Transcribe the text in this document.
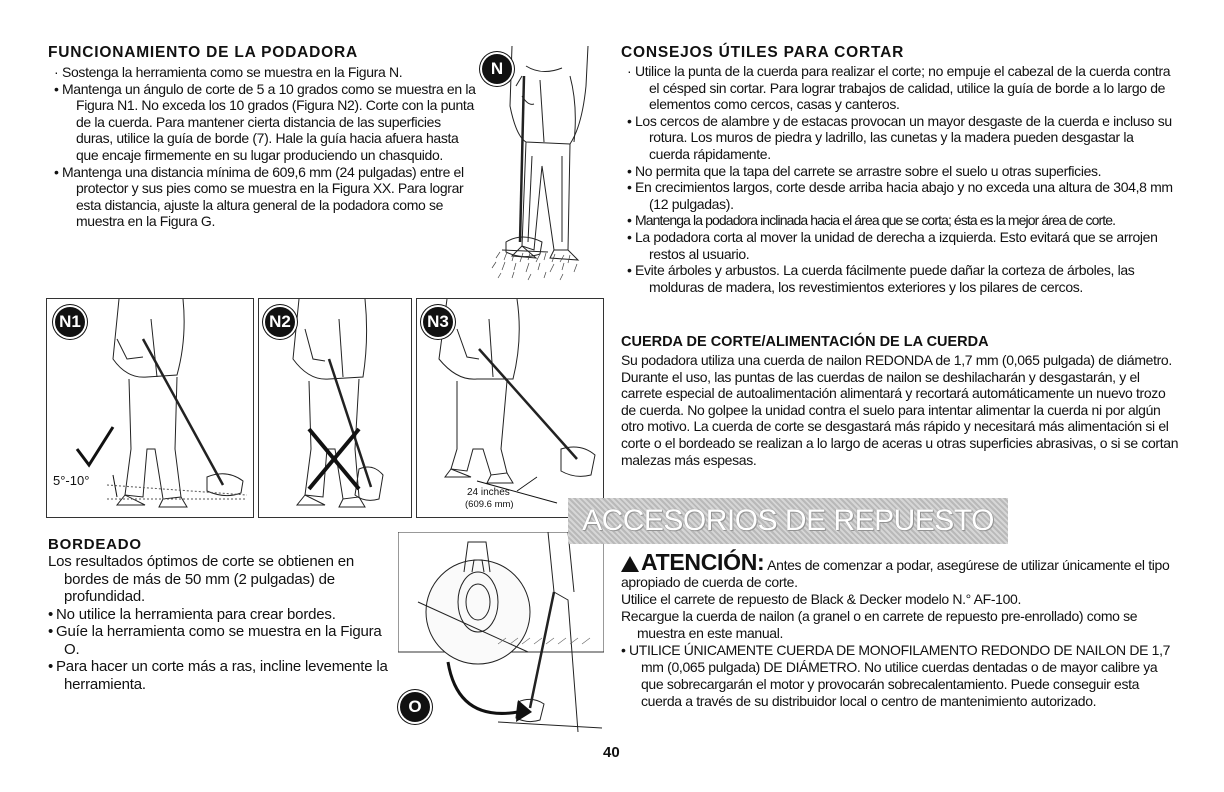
FUNCIONAMIENTO DE LA PODADORA
· Sostenga la herramienta como se muestra en la Figura N.
• Mantenga un ángulo de corte de 5 a 10 grados como se muestra en la Figura N1. No exceda los 10 grados (Figura N2). Corte con la punta de la cuerda. Para mantener cierta distancia de las superficies duras, utilice la guía de borde (7). Hale la guía hacia afuera hasta que encaje firmemente en su lugar produciendo un chasquido.
• Mantenga una distancia mínima de 609,6 mm (24 pulgadas) entre el protector y sus pies como se muestra en la Figura XX. Para lograr esta distancia, ajuste la altura general de la podadora como se muestra en la Figura G.
N
5°-10°
N1	N2
24 inches
(609.6 mm)
N3
BORDEADO

Los resultados óptimos de corte se obtienen en bordes de más de 50 mm (2 pulgadas) de profundidad.

• No utilice la herramienta para crear bordes.
• Guíe la herramienta como se muestra en la Figura O.
• Para hacer un corte más a ras, incline levemente la herramienta.
O
CONSEJOS ÚTILES PARA CORTAR
· Utilice la punta de la cuerda para realizar el corte; no empuje el cabezal de la cuerda contra el césped sin cortar. Para lograr trabajos de calidad, utilice la guía de borde a lo largo de elementos como cercos, casas y canteros.
• Los cercos de alambre y de estacas provocan un mayor desgaste de la cuerda e incluso su rotura. Los muros de piedra y ladrillo, las cunetas y la madera pueden desgastar la cuerda rápidamente.
• No permita que la tapa del carrete se arrastre sobre el suelo u otras superficies.
• En crecimientos largos, corte desde arriba hacia abajo y no exceda una altura de 304,8 mm (12 pulgadas).
• Mantenga la podadora inclinada hacia el área que se corta; ésta es la mejor área de corte.
• La podadora corta al mover la unidad de derecha a izquierda. Esto evitará que se arrojen restos al usuario.
• Evite árboles y arbustos. La cuerda fácilmente puede dañar la corteza de árboles, las molduras de madera, los revestimientos exteriores y los pilares de cercos.
CUERDA DE CORTE/ALIMENTACIÓN DE LA CUERDA

Su podadora utiliza una cuerda de nailon REDONDA de 1,7 mm (0,065 pulgada) de diámetro. Durante el uso, las puntas de las cuerdas de nailon se deshilacharán y desgastarán, y el carrete especial de autoalimentación alimentará y recortará automáticamente un nuevo trozo de cuerda. No golpee la unidad contra el suelo para intentar alimentar la cuerda ni por algún otro motivo. La cuerda de corte se desgastará más rápido y necesitará más alimentación si el corte o el bordeado se realizan a lo largo de aceras u otras superficies abrasivas, o si se cortan malezas más espesas.

ACCESORIOS DE REPUESTO
ATENCIÓN: Antes de comenzar a podar, asegúrese de utilizar únicamente el tipo apropiado de cuerda de corte.

Utilice el carrete de repuesto de Black & Decker modelo N.° AF-100.

Recargue la cuerda de nailon (a granel o en carrete de repuesto pre-enrollado) como se muestra en este manual.

• UTILICE ÚNICAMENTE CUERDA DE MONOFILAMENTO REDONDO DE NAILON DE 1,7 mm (0,065 pulgada) DE DIÁMETRO. No utilice cuerdas dentadas o de mayor calibre ya que sobrecargarán el motor y provocarán sobrecalentamiento. Puede conseguir esta cuerda a través de su distribuidor local o centro de mantenimiento autorizado.
40
